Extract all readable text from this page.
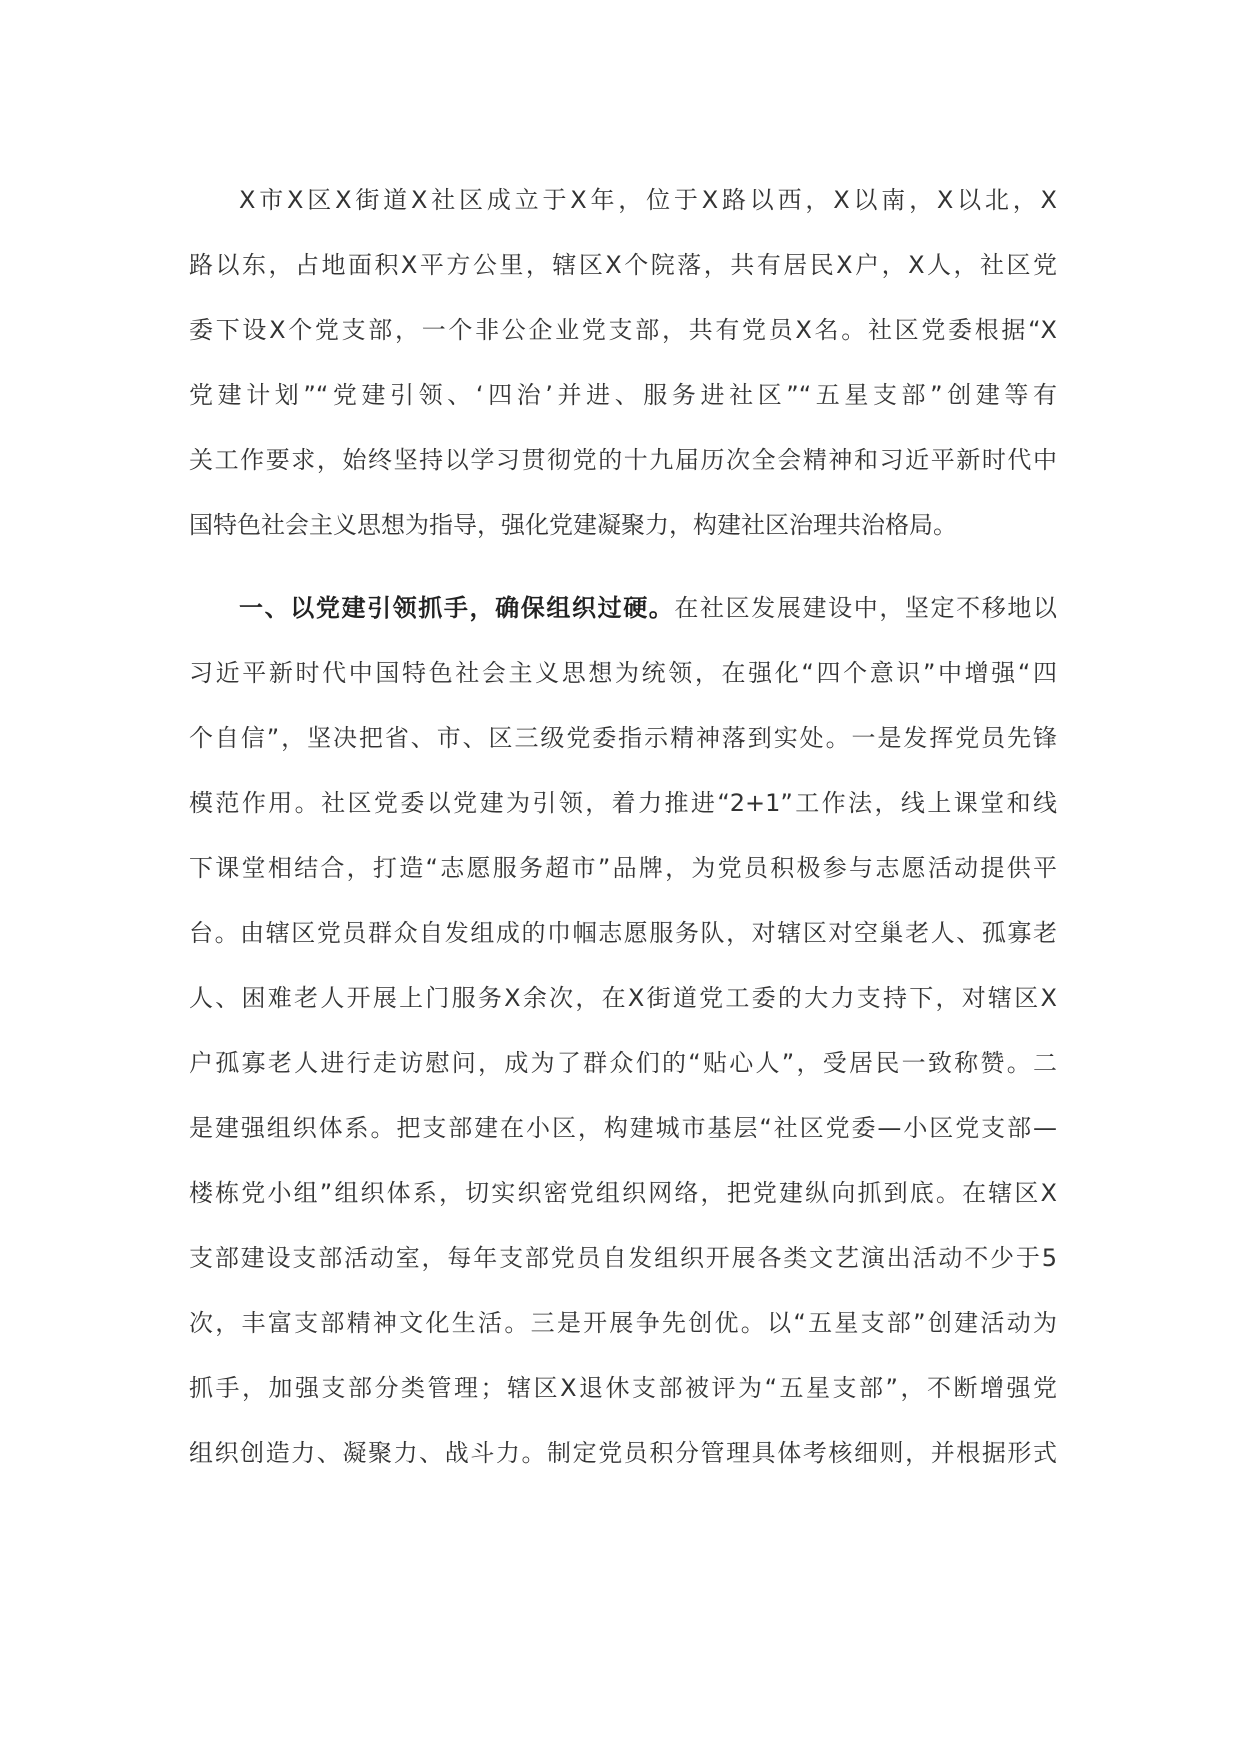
X市X区X街道X社区成立于X年，位于X路以西，X以南，X以北，X
路以东，占地面积X平方公里，辖区X个院落，共有居民X户，X人，社区党
委下设X个党支部，一个非公企业党支部，共有党员X名。社区党委根据“X
党建计划”“党建引领、‘四治’并进、服务进社区”“五星支部”创建等有
关工作要求，始终坚持以学习贯彻党的十九届历次全会精神和习近平新时代中
国特色社会主义思想为指导，强化党建凝聚力，构建社区治理共治格局。
一、以党建引领抓手，确保组织过硬。在社区发展建设中，坚定不移地以
习近平新时代中国特色社会主义思想为统领，在强化“四个意识”中增强“四
个自信”，坚决把省、市、区三级党委指示精神落到实处。一是发挥党员先锋
模范作用。社区党委以党建为引领，着力推进“2+1”工作法，线上课堂和线
下课堂相结合，打造“志愿服务超市”品牌，为党员积极参与志愿活动提供平
台。由辖区党员群众自发组成的巾帼志愿服务队，对辖区对空巢老人、孤寡老
人、困难老人开展上门服务X余次，在X街道党工委的大力支持下，对辖区X
户孤寡老人进行走访慰问，成为了群众们的“贴心人”，受居民一致称赞。二
是建强组织体系。把支部建在小区，构建城市基层“社区党委—小区党支部—
楼栋党小组”组织体系，切实织密党组织网络，把党建纵向抓到底。在辖区X
支部建设支部活动室，每年支部党员自发组织开展各类文艺演出活动不少于5
次，丰富支部精神文化生活。三是开展争先创优。以“五星支部”创建活动为
抓手，加强支部分类管理；辖区X退休支部被评为“五星支部”，不断增强党
组织创造力、凝聚力、战斗力。制定党员积分管理具体考核细则，并根据形式
